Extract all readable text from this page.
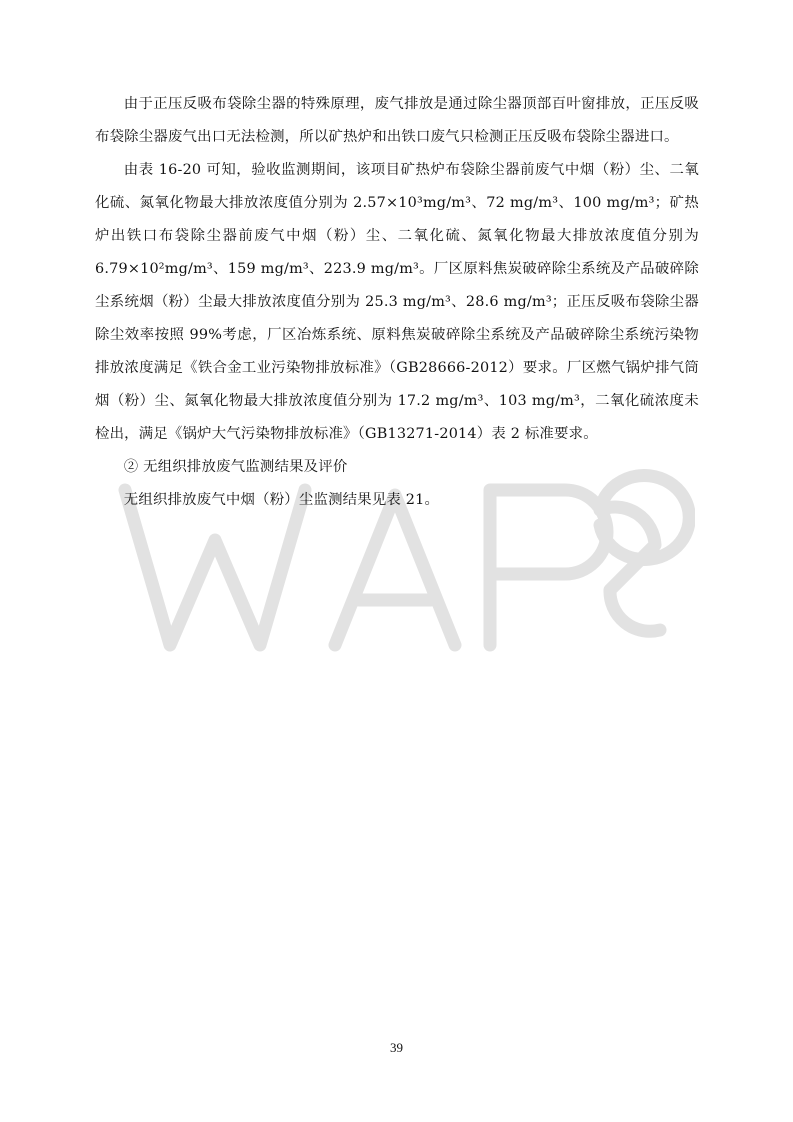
由于正压反吸布袋除尘器的特殊原理，废气排放是通过除尘器顶部百叶窗排放，正压反吸布袋除尘器废气出口无法检测，所以矿热炉和出铁口废气只检测正压反吸布袋除尘器进口。

由表 16-20 可知，验收监测期间，该项目矿热炉布袋除尘器前废气中烟（粉）尘、二氧化硫、氮氧化物最大排放浓度值分别为 2.57×10³mg/m³、72 mg/m³、100 mg/m³；矿热炉出铁口布袋除尘器前废气中烟（粉）尘、二氧化硫、氮氧化物最大排放浓度值分别为 6.79×10²mg/m³、159 mg/m³、223.9 mg/m³。厂区原料焦炭破碎除尘系统及产品破碎除尘系统烟（粉）尘最大排放浓度值分别为 25.3 mg/m³、28.6 mg/m³；正压反吸布袋除尘器除尘效率按照 99%考虑，厂区冶炼系统、原料焦炭破碎除尘系统及产品破碎除尘系统污染物排放浓度满足《铁合金工业污染物排放标准》（GB28666-2012）要求。厂区燃气锅炉排气筒烟（粉）尘、氮氧化物最大排放浓度值分别为 17.2 mg/m³、103 mg/m³，二氧化硫浓度未检出，满足《锅炉大气污染物排放标准》（GB13271-2014）表 2 标准要求。

② 无组织排放废气监测结果及评价

无组织排放废气中烟（粉）尘监测结果见表 21。

39
